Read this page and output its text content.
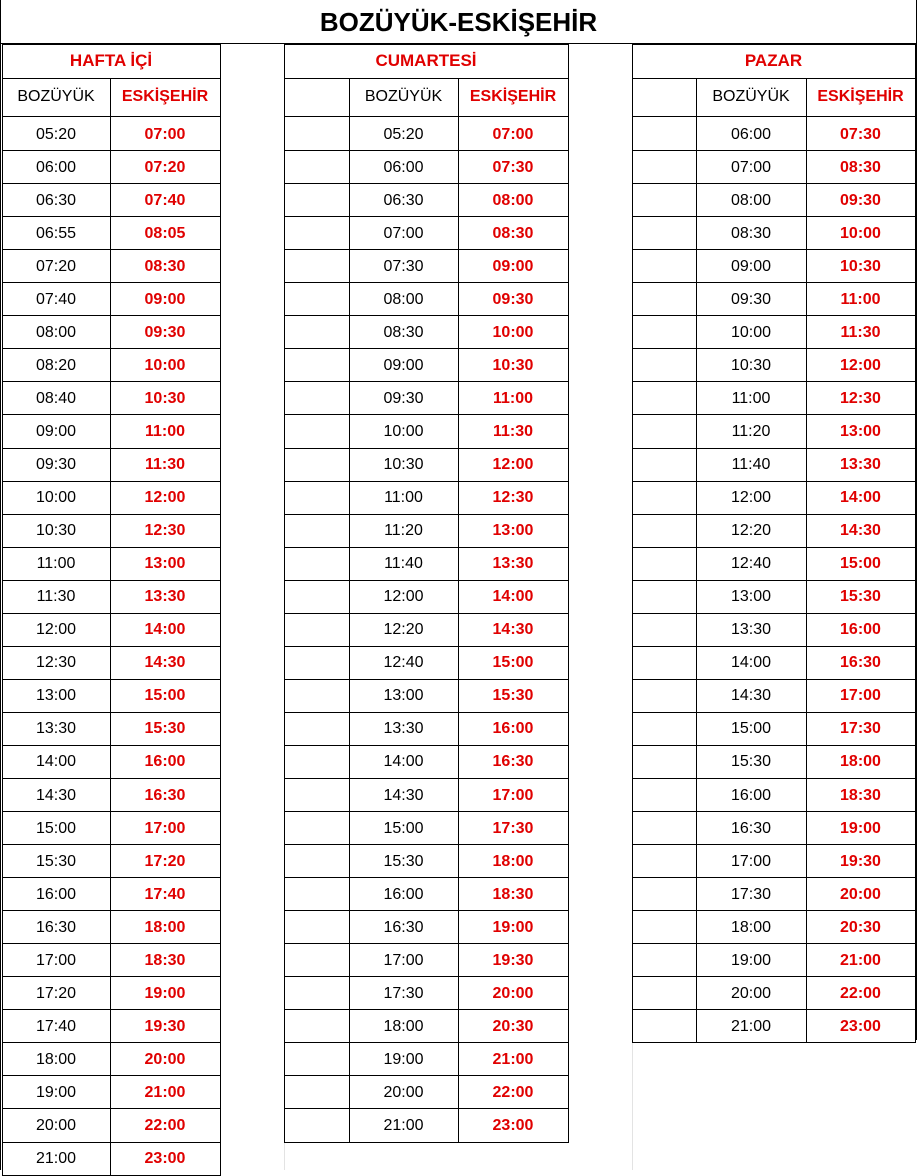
BOZÜYÜK-ESKİŞEHİR
HAFTA İÇİ
BOZÜYÜK	ESKİŞEHİR
05:20	07:00
06:00	07:20
06:30	07:40
06:55	08:05
07:20	08:30
07:40	09:00
08:00	09:30
08:20	10:00
08:40	10:30
09:00	11:00
09:30	11:30
10:00	12:00
10:30	12:30
11:00	13:00
11:30	13:30
12:00	14:00
12:30	14:30
13:00	15:00
13:30	15:30
14:00	16:00
14:30	16:30
15:00	17:00
15:30	17:20
16:00	17:40
16:30	18:00
17:00	18:30
17:20	19:00
17:40	19:30
18:00	20:00
19:00	21:00
20:00	22:00
21:00	23:00
CUMARTESİ
BOZÜYÜK	ESKİŞEHİR
05:20	07:00
06:00	07:30
06:30	08:00
07:00	08:30
07:30	09:00
08:00	09:30
08:30	10:00
09:00	10:30
09:30	11:00
10:00	11:30
10:30	12:00
11:00	12:30
11:20	13:00
11:40	13:30
12:00	14:00
12:20	14:30
12:40	15:00
13:00	15:30
13:30	16:00
14:00	16:30
14:30	17:00
15:00	17:30
15:30	18:00
16:00	18:30
16:30	19:00
17:00	19:30
17:30	20:00
18:00	20:30
19:00	21:00
20:00	22:00
21:00	23:00
PAZAR
BOZÜYÜK	ESKİŞEHİR
06:00	07:30
07:00	08:30
08:00	09:30
08:30	10:00
09:00	10:30
09:30	11:00
10:00	11:30
10:30	12:00
11:00	12:30
11:20	13:00
11:40	13:30
12:00	14:00
12:20	14:30
12:40	15:00
13:00	15:30
13:30	16:00
14:00	16:30
14:30	17:00
15:00	17:30
15:30	18:00
16:00	18:30
16:30	19:00
17:00	19:30
17:30	20:00
18:00	20:30
19:00	21:00
20:00	22:00
21:00	23:00
